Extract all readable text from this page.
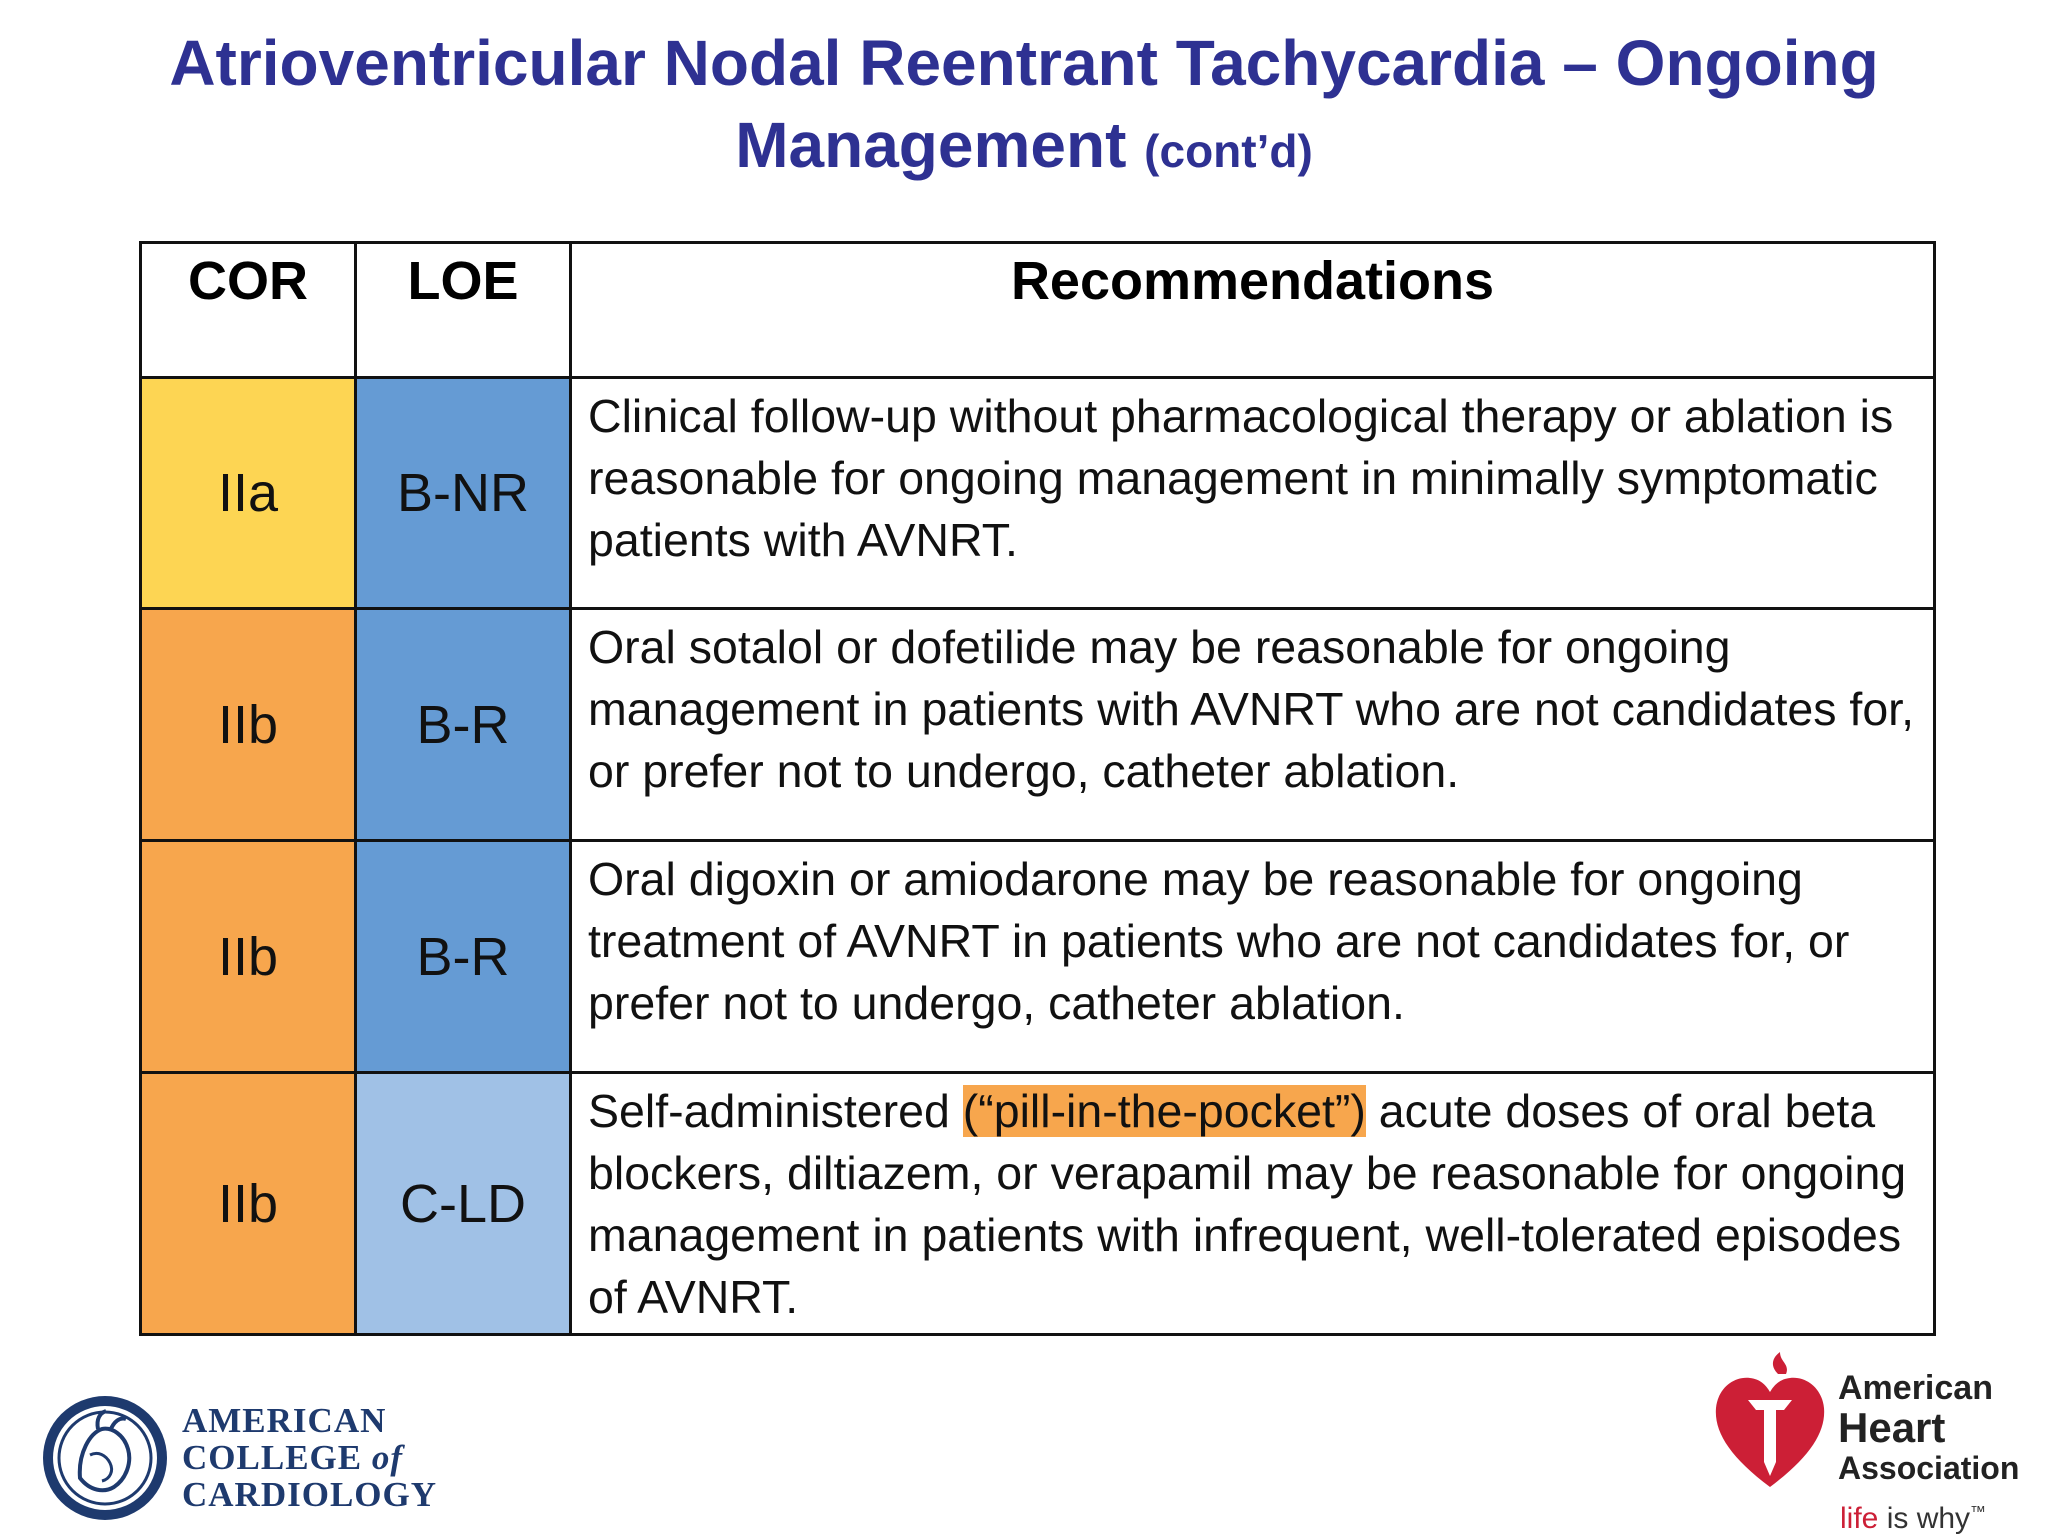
Atrioventricular Nodal Reentrant Tachycardia – Ongoing
Management (cont’d)
COR	LOE	Recommendations
IIa	B-NR	Clinical follow-up without pharmacological therapy or ablation is reasonable for ongoing management in minimally symptomatic patients with AVNRT.
IIb	B-R	Oral sotalol or dofetilide may be reasonable for ongoing management in patients with AVNRT who are not candidates for, or prefer not to undergo, catheter ablation.
IIb	B-R	Oral digoxin or amiodarone may be reasonable for ongoing treatment of AVNRT in patients who are not candidates for, or prefer not to undergo, catheter ablation.
IIb	C-LD	Self-administered (“pill-in-the-pocket”) acute doses of oral beta blockers, diltiazem, or verapamil may be reasonable for ongoing management in patients with infrequent, well-tolerated episodes of AVNRT.
AMERICAN
COLLEGE of
CARDIOLOGY
American
Heart
Association
life is why™
